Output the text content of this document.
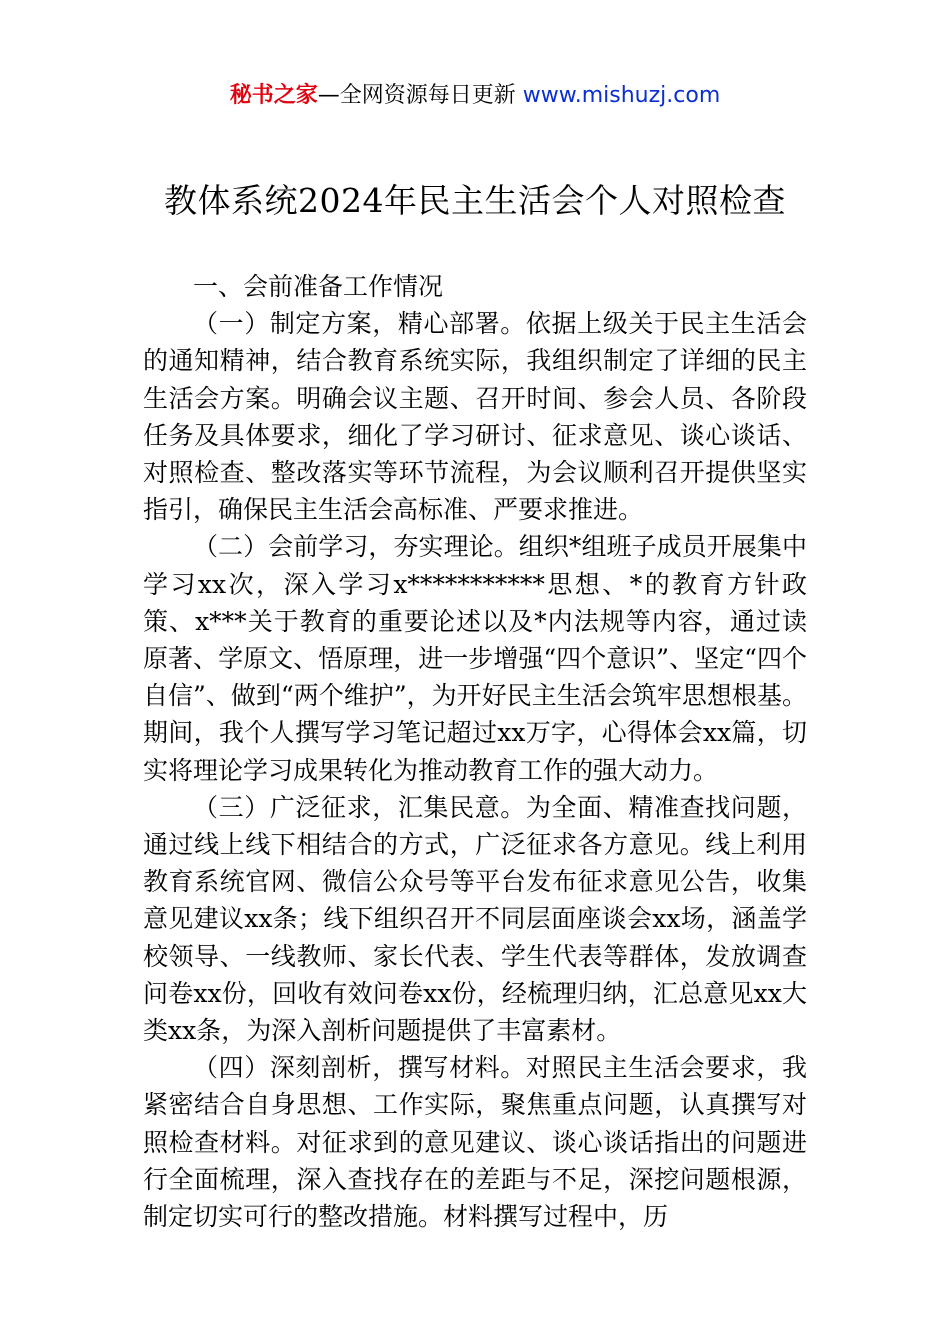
秘书之家—全网资源每日更新 www.mishuzj.com
教体系统2024年民主生活会个人对照检查

一、会前准备工作情况

（一）制定方案，精心部署。依据上级关于民主生活会的通知精神，结合教育系统实际，我组织制定了详细的民主生活会方案。明确会议主题、召开时间、参会人员、各阶段任务及具体要求，细化了学习研讨、征求意见、谈心谈话、对照检查、整改落实等环节流程，为会议顺利召开提供坚实指引，确保民主生活会高标准、严要求推进。

（二）会前学习，夯实理论。组织*组班子成员开展集中学习xx次，深入学习x***********思想、*的教育方针政策、x***关于教育的重要论述以及*内法规等内容，通过读原著、学原文、悟原理，进一步增强“四个意识”、坚定“四个自信”、做到“两个维护”，为开好民主生活会筑牢思想根基。期间，我个人撰写学习笔记超过xx万字，心得体会xx篇，切实将理论学习成果转化为推动教育工作的强大动力。

（三）广泛征求，汇集民意。为全面、精准查找问题，通过线上线下相结合的方式，广泛征求各方意见。线上利用教育系统官网、微信公众号等平台发布征求意见公告，收集意见建议xx条；线下组织召开不同层面座谈会xx场，涵盖学校领导、一线教师、家长代表、学生代表等群体，发放调查问卷xx份，回收有效问卷xx份，经梳理归纳，汇总意见xx大类xx条，为深入剖析问题提供了丰富素材。

（四）深刻剖析，撰写材料。对照民主生活会要求，我紧密结合自身思想、工作实际，聚焦重点问题，认真撰写对照检查材料。对征求到的意见建议、谈心谈话指出的问题进行全面梳理，深入查找存在的差距与不足，深挖问题根源，制定切实可行的整改措施。材料撰写过程中，历
